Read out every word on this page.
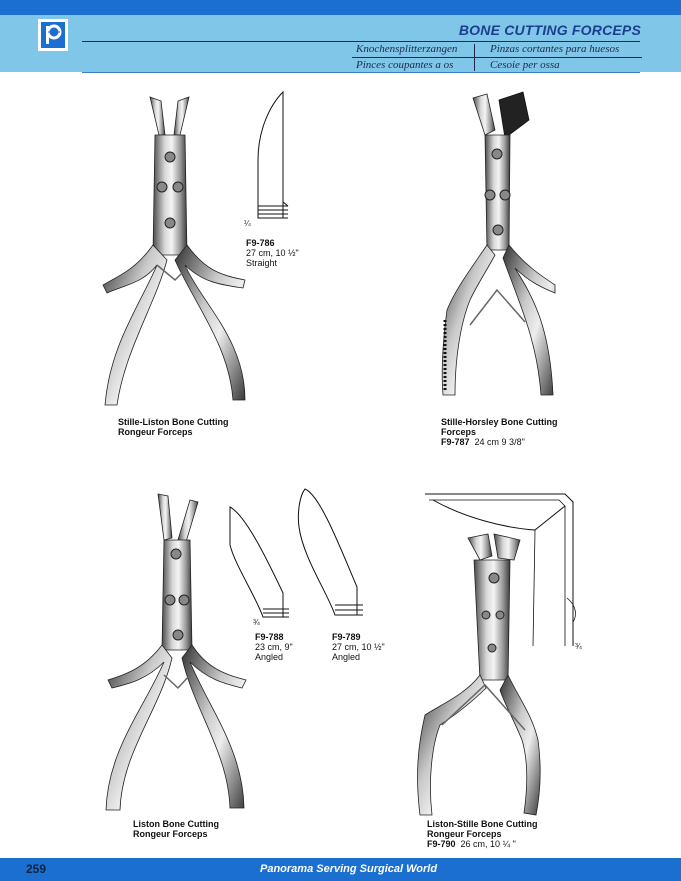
BONE CUTTING FORCEPS
Knochensplitterzangen	Pinzas cortantes para huesos
Pinces coupantes a os	Cesoie per ossa
¼
F9-786
27 cm, 10 ½"
Straight
Stille-Liston Bone Cutting
Rongeur Forceps
Stille-Horsley Bone Cutting
Forceps
F9-787 24 cm 9 3/8"
¾
F9-788
23 cm, 9"
Angled
F9-789
27 cm, 10 ½"
Angled
Liston Bone Cutting
Rongeur Forceps
¾
Liston-Stille Bone Cutting
Rongeur Forceps
F9-790 26 cm, 10 ¼ "
259	Panorama Serving Surgical World
